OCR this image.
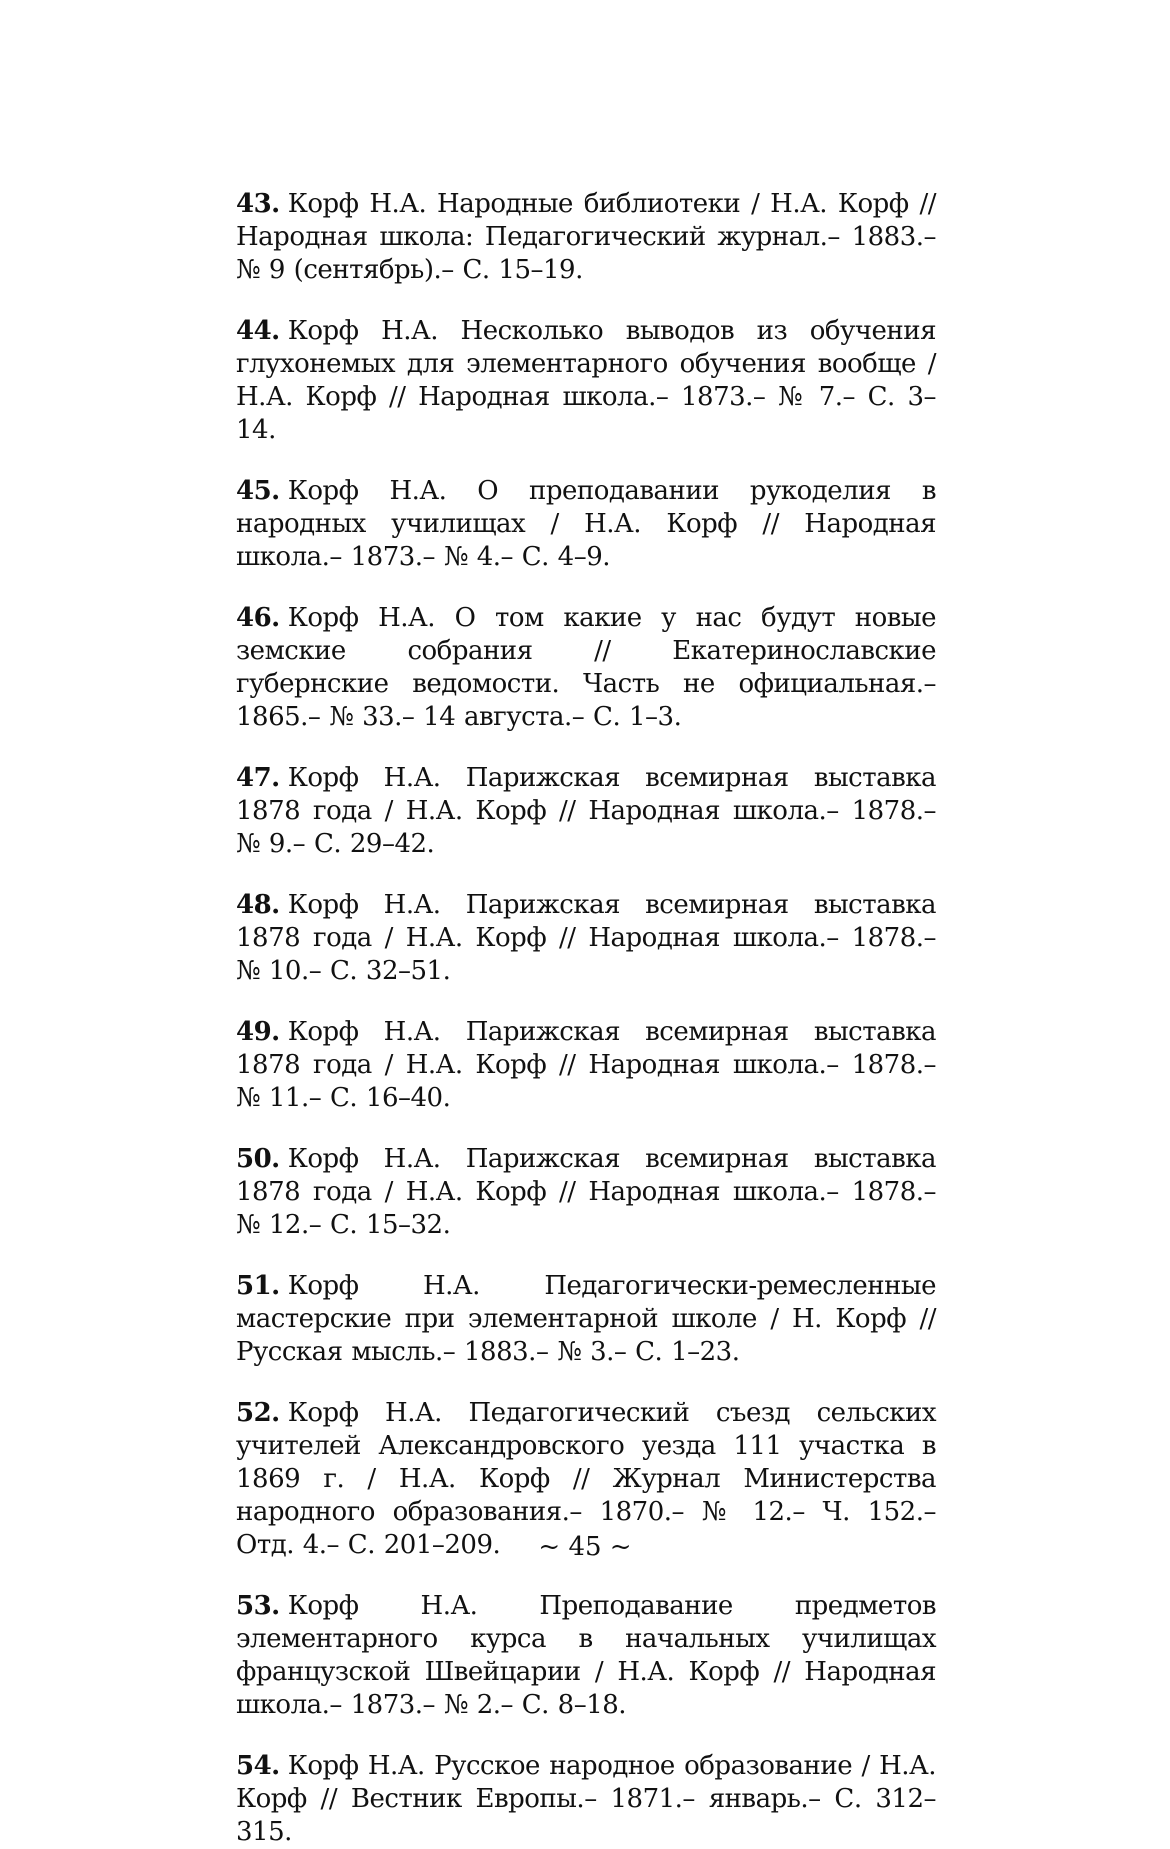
43. Корф Н.А. Народные библиотеки / Н.А. Корф // Народная школа: Педагогический журнал.– 1883.– № 9 (сентябрь).– С. 15–19.

44. Корф Н.А. Несколько выводов из обучения глухонемых для элементарного обучения вообще / Н.А. Корф // Народная школа.– 1873.– № 7.– С. 3–14.

45. Корф Н.А. О преподавании рукоделия в народных училищах / Н.А. Корф // Народная школа.– 1873.– № 4.– С. 4–9.

46. Корф Н.А. О том какие у нас будут новые земские собрания // Екатеринославские губернские ведомости. Часть не официальная.– 1865.– № 33.– 14 августа.– С. 1–3.

47. Корф Н.А. Парижская всемирная выставка 1878 года / Н.А. Корф // Народная школа.– 1878.– № 9.– С. 29–42.

48. Корф Н.А. Парижская всемирная выставка 1878 года / Н.А. Корф // Народная школа.– 1878.– № 10.– С. 32–51.

49. Корф Н.А. Парижская всемирная выставка 1878 года / Н.А. Корф // Народная школа.– 1878.– № 11.– С. 16–40.

50. Корф Н.А. Парижская всемирная выставка 1878 года / Н.А. Корф // Народная школа.– 1878.– № 12.– С. 15–32.

51. Корф Н.А. Педагогически-ремесленные мастерские при элементарной школе / Н. Корф // Русская мысль.– 1883.– № 3.– С. 1–23.

52. Корф Н.А. Педагогический съезд сельских учителей Александровского уезда 111 участка в 1869 г. / Н.А. Корф // Журнал Министерства народного образования.– 1870.– № 12.– Ч. 152.– Отд. 4.– С. 201–209.

53. Корф Н.А. Преподавание предметов элементарного курса в начальных училищах французской Швейцарии / Н.А. Корф // Народная школа.– 1873.– № 2.– С. 8–18.

54. Корф Н.А. Русское народное образование / Н.А. Корф // Вестник Европы.– 1871.– январь.– С. 312–315.

~ 45 ~
